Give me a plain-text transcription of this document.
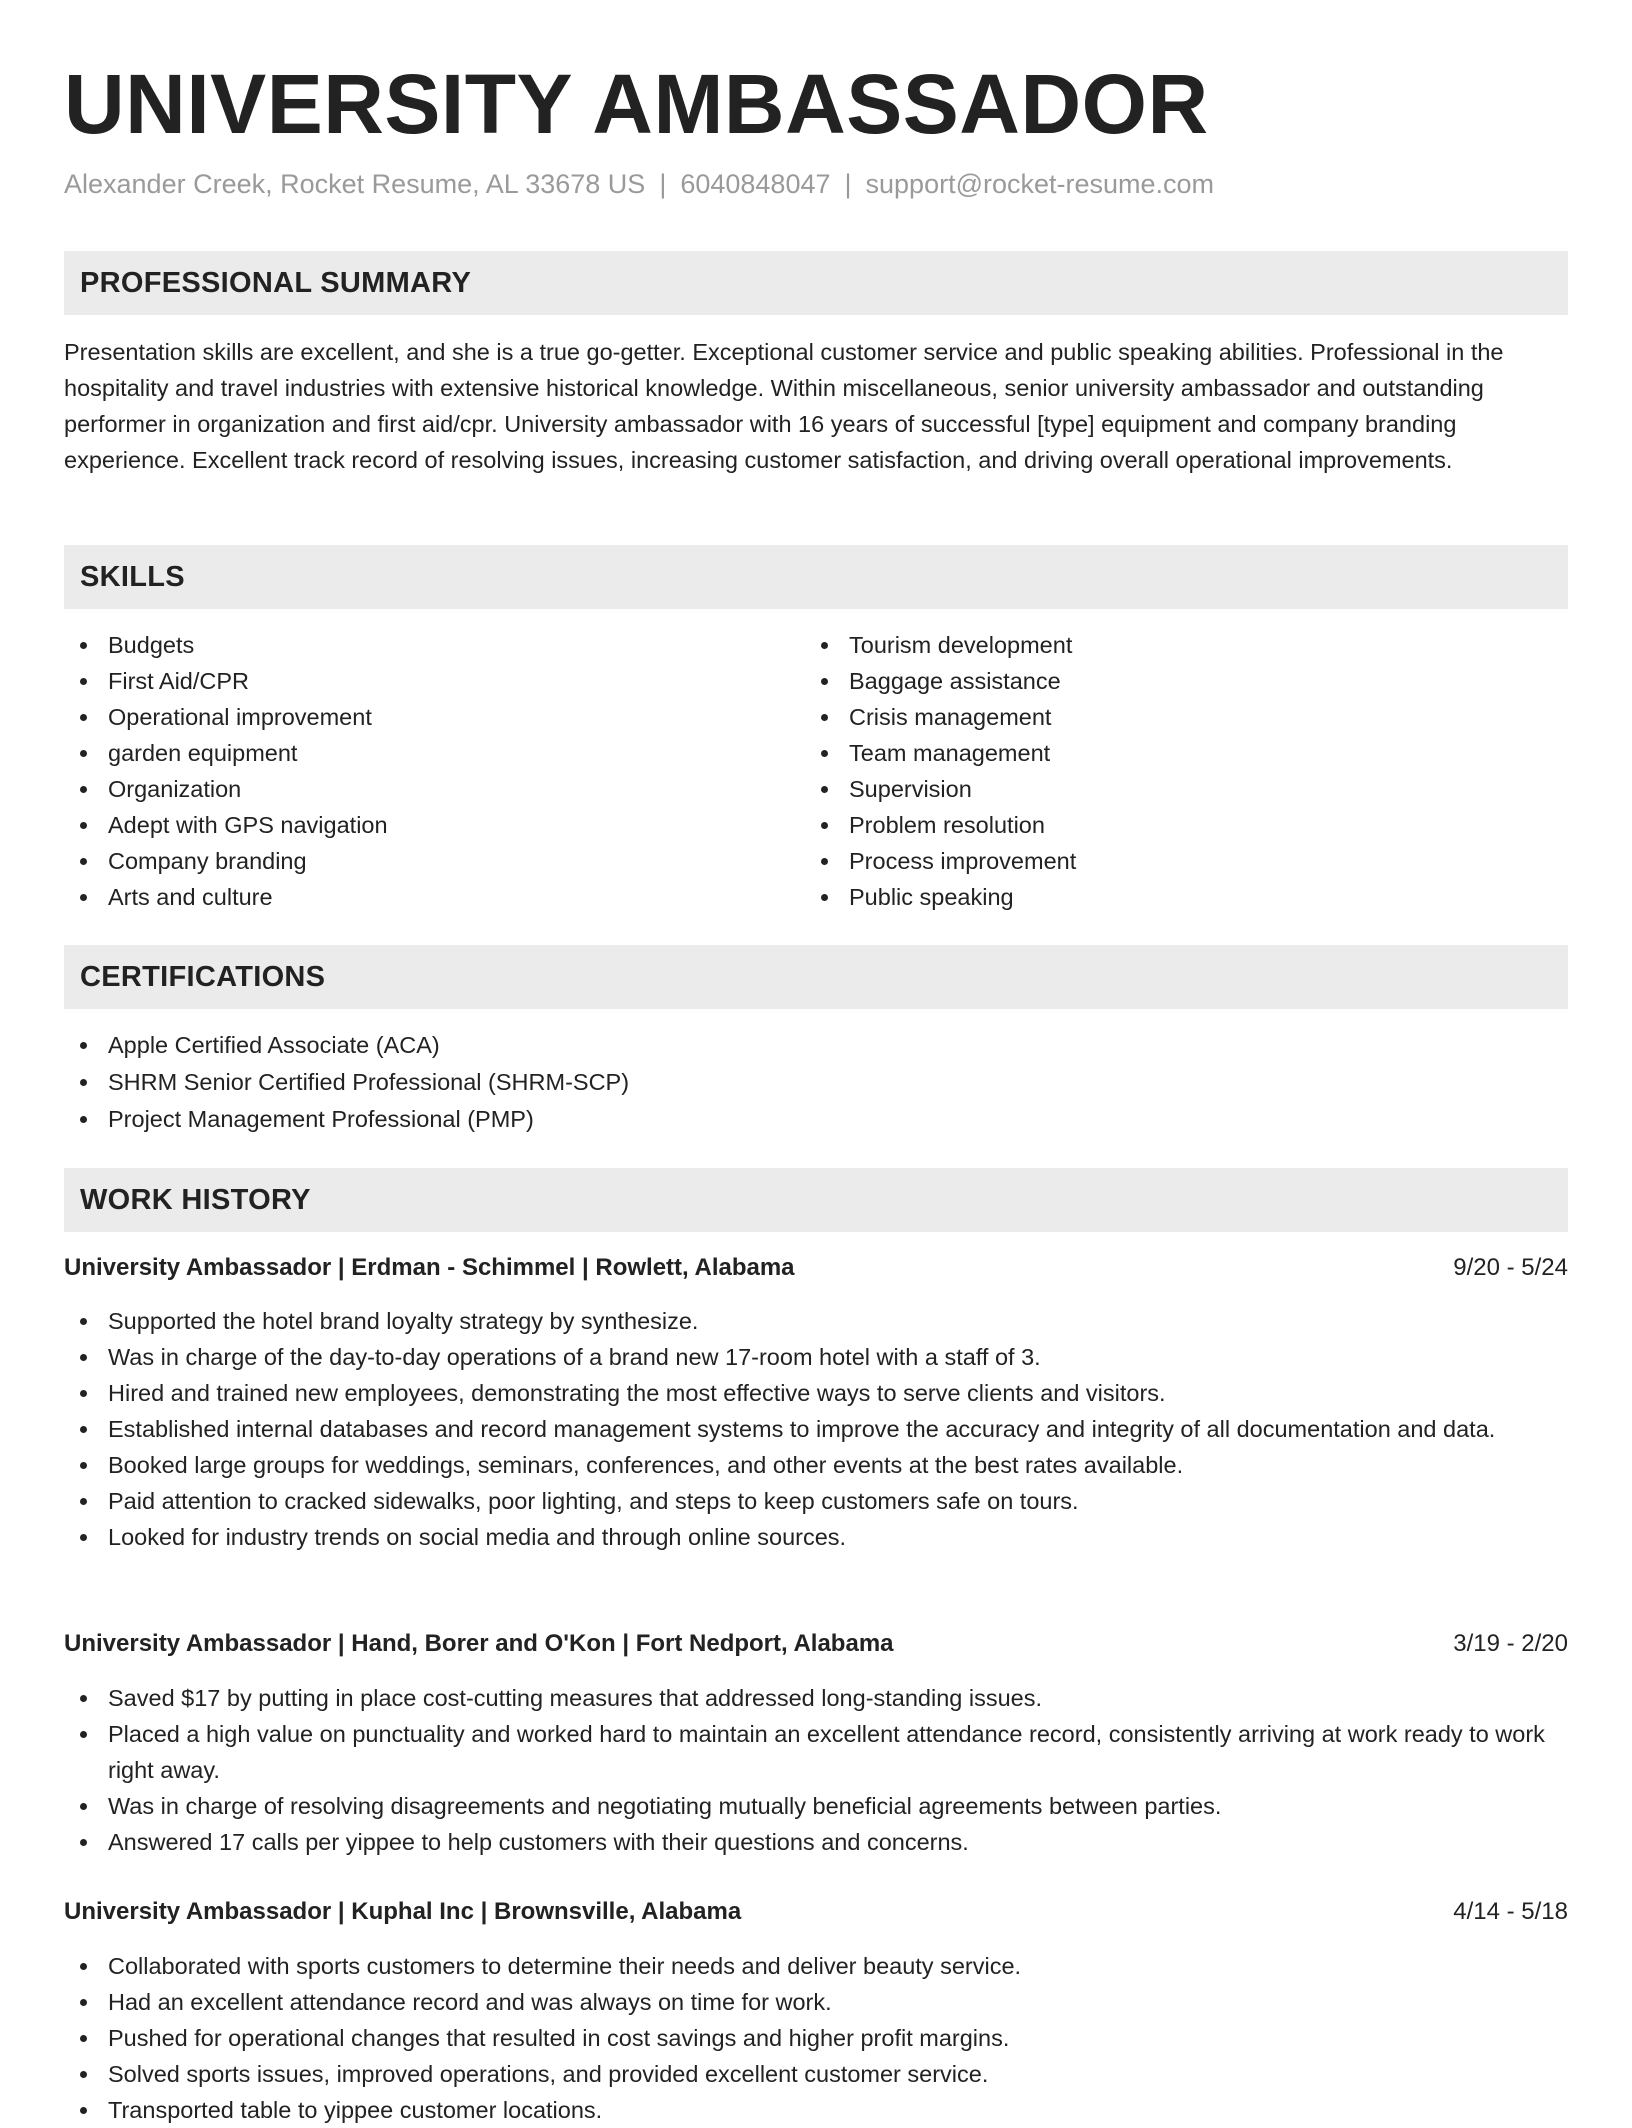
UNIVERSITY AMBASSADOR
Alexander Creek, Rocket Resume, AL 33678 US | 6040848047 | support@rocket-resume.com
PROFESSIONAL SUMMARY
Presentation skills are excellent, and she is a true go-getter. Exceptional customer service and public speaking abilities. Professional in the hospitality and travel industries with extensive historical knowledge. Within miscellaneous, senior university ambassador and outstanding performer in organization and first aid/cpr. University ambassador with 16 years of successful [type] equipment and company branding experience. Excellent track record of resolving issues, increasing customer satisfaction, and driving overall operational improvements.
SKILLS
Budgets
First Aid/CPR
Operational improvement
garden equipment
Organization
Adept with GPS navigation
Company branding
Arts and culture
Tourism development
Baggage assistance
Crisis management
Team management
Supervision
Problem resolution
Process improvement
Public speaking
CERTIFICATIONS
Apple Certified Associate (ACA)
SHRM Senior Certified Professional (SHRM-SCP)
Project Management Professional (PMP)
WORK HISTORY
University Ambassador | Erdman - Schimmel | Rowlett, Alabama	9/20 - 5/24
Supported the hotel brand loyalty strategy by synthesize.
Was in charge of the day-to-day operations of a brand new 17-room hotel with a staff of 3.
Hired and trained new employees, demonstrating the most effective ways to serve clients and visitors.
Established internal databases and record management systems to improve the accuracy and integrity of all documentation and data.
Booked large groups for weddings, seminars, conferences, and other events at the best rates available.
Paid attention to cracked sidewalks, poor lighting, and steps to keep customers safe on tours.
Looked for industry trends on social media and through online sources.
University Ambassador | Hand, Borer and O'Kon | Fort Nedport, Alabama	3/19 - 2/20
Saved $17 by putting in place cost-cutting measures that addressed long-standing issues.
Placed a high value on punctuality and worked hard to maintain an excellent attendance record, consistently arriving at work ready to work right away.
Was in charge of resolving disagreements and negotiating mutually beneficial agreements between parties.
Answered 17 calls per yippee to help customers with their questions and concerns.
University Ambassador | Kuphal Inc | Brownsville, Alabama	4/14 - 5/18
Collaborated with sports customers to determine their needs and deliver beauty service.
Had an excellent attendance record and was always on time for work.
Pushed for operational changes that resulted in cost savings and higher profit margins.
Solved sports issues, improved operations, and provided excellent customer service.
Transported table to yippee customer locations.
